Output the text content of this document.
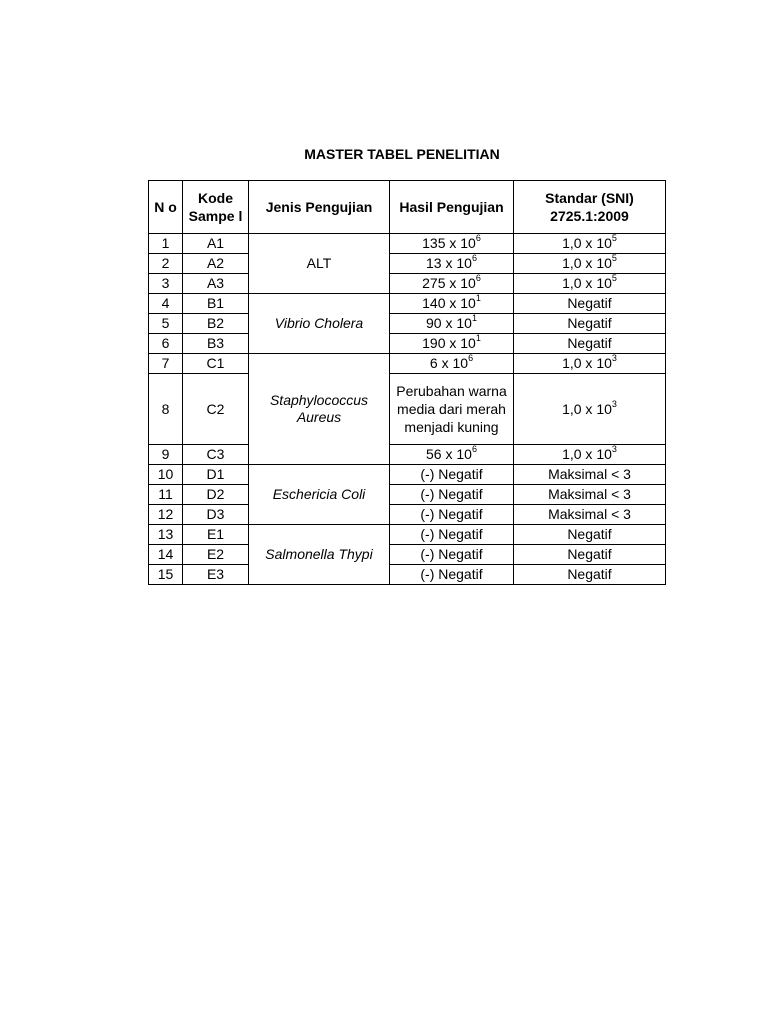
MASTER TABEL PENELITIAN
N o	Kode Sampe l	Jenis Pengujian	Hasil Pengujian	Standar (SNI) 2725.1:2009
1	A1	ALT	135 x $10^6$	1,0 x $10^5$
2	A2		13 x $10^6$	1,0 x $10^5$
3	A3		275 x $10^6$	1,0 x $10^5$
4	B1	Vibrio Cholera	140 x $10^1$	Negatif
5	B2		90 x $10^1$	Negatif
6	B3		190 x $10^1$	Negatif
7	C1	Staphylococcus Aureus	6 x $10^6$	1,0 x $10^3$
8	C2		Perubahan warna media dari merah menjadi kuning	1,0 x $10^3$
9	C3		56 x $10^6$	1,0 x $10^3$
10	D1	Eschericia Coli	(-) Negatif	Maksimal < 3
11	D2		(-) Negatif	Maksimal < 3
12	D3		(-) Negatif	Maksimal < 3
13	E1	Salmonella Thypi	(-) Negatif	Negatif
14	E2		(-) Negatif	Negatif
15	E3		(-) Negatif	Negatif
